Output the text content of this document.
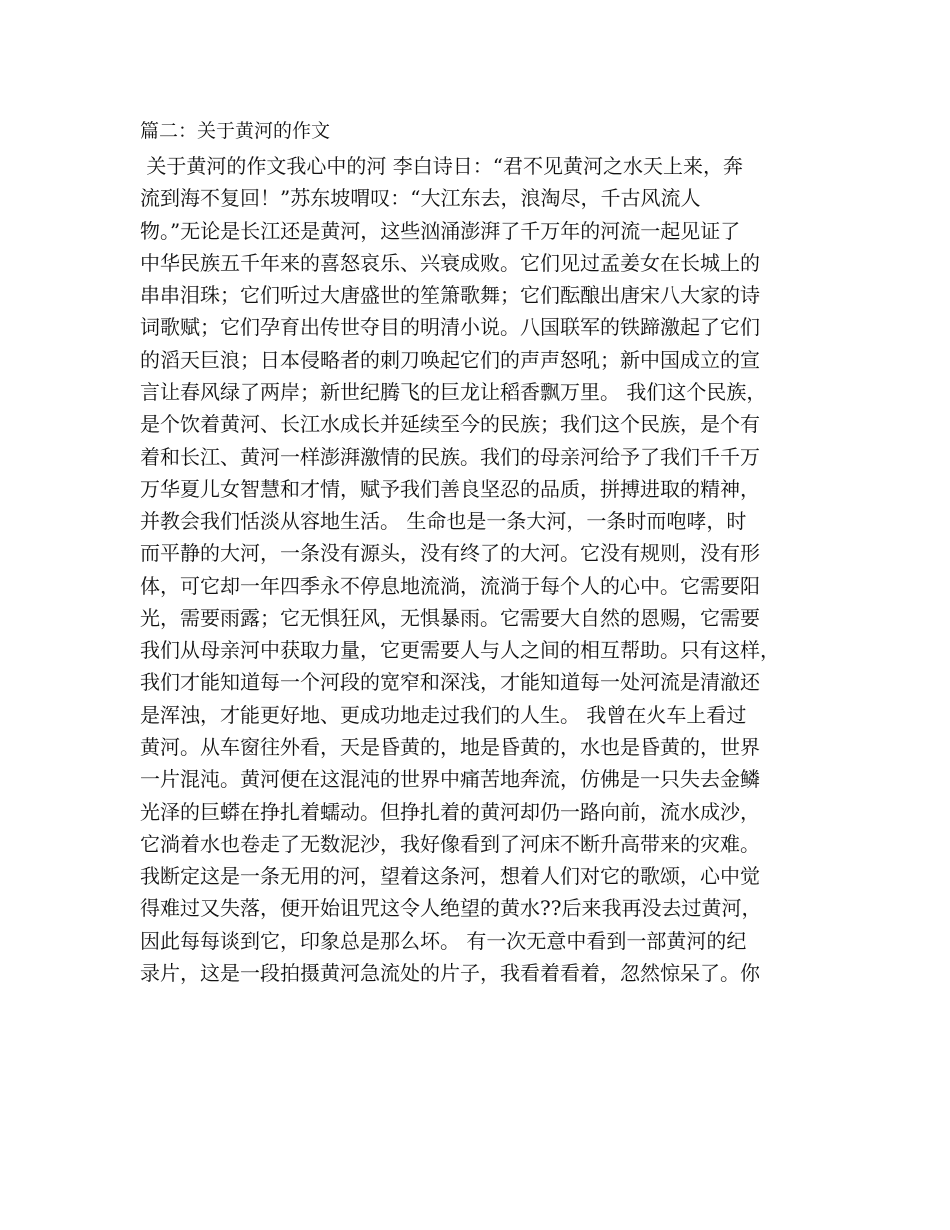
篇二：关于黄河的作文
关于黄河的作文我心中的河 李白诗日：“君不见黄河之水天上来，奔
流到海不复回！”苏东坡喟叹：“大江东去，浪淘尽，千古风流人
物。”无论是长江还是黄河，这些汹涌澎湃了千万年的河流一起见证了
中华民族五千年来的喜怒哀乐、兴衰成败。它们见过孟姜女在长城上的
串串泪珠；它们听过大唐盛世的笙箫歌舞；它们酝酿出唐宋八大家的诗
词歌赋；它们孕育出传世夺目的明清小说。八国联军的铁蹄激起了它们
的滔天巨浪；日本侵略者的刺刀唤起它们的声声怒吼；新中国成立的宣
言让春风绿了两岸；新世纪腾飞的巨龙让稻香飘万里。 我们这个民族，
是个饮着黄河、长江水成长并延续至今的民族；我们这个民族，是个有
着和长江、黄河一样澎湃激情的民族。我们的母亲河给予了我们千千万
万华夏儿女智慧和才情，赋予我们善良坚忍的品质，拼搏进取的精神，
并教会我们恬淡从容地生活。 生命也是一条大河，一条时而咆哮，时
而平静的大河，一条没有源头，没有终了的大河。它没有规则，没有形
体，可它却一年四季永不停息地流淌，流淌于每个人的心中。它需要阳
光，需要雨露；它无惧狂风，无惧暴雨。它需要大自然的恩赐，它需要
我们从母亲河中获取力量，它更需要人与人之间的相互帮助。只有这样，
我们才能知道每一个河段的宽窄和深浅，才能知道每一处河流是清澈还
是浑浊，才能更好地、更成功地走过我们的人生。 我曾在火车上看过
黄河。从车窗往外看，天是昏黄的，地是昏黄的，水也是昏黄的，世界
一片混沌。黄河便在这混沌的世界中痛苦地奔流，仿佛是一只失去金鳞
光泽的巨蟒在挣扎着蠕动。但挣扎着的黄河却仍一路向前，流水成沙，
它淌着水也卷走了无数泥沙，我好像看到了河床不断升高带来的灾难。
我断定这是一条无用的河，望着这条河，想着人们对它的歌颂，心中觉
得难过又失落，便开始诅咒这令人绝望的黄水??后来我再没去过黄河，
因此每每谈到它，印象总是那么坏。 有一次无意中看到一部黄河的纪
录片，这是一段拍摄黄河急流处的片子，我看着看着，忽然惊呆了。你
